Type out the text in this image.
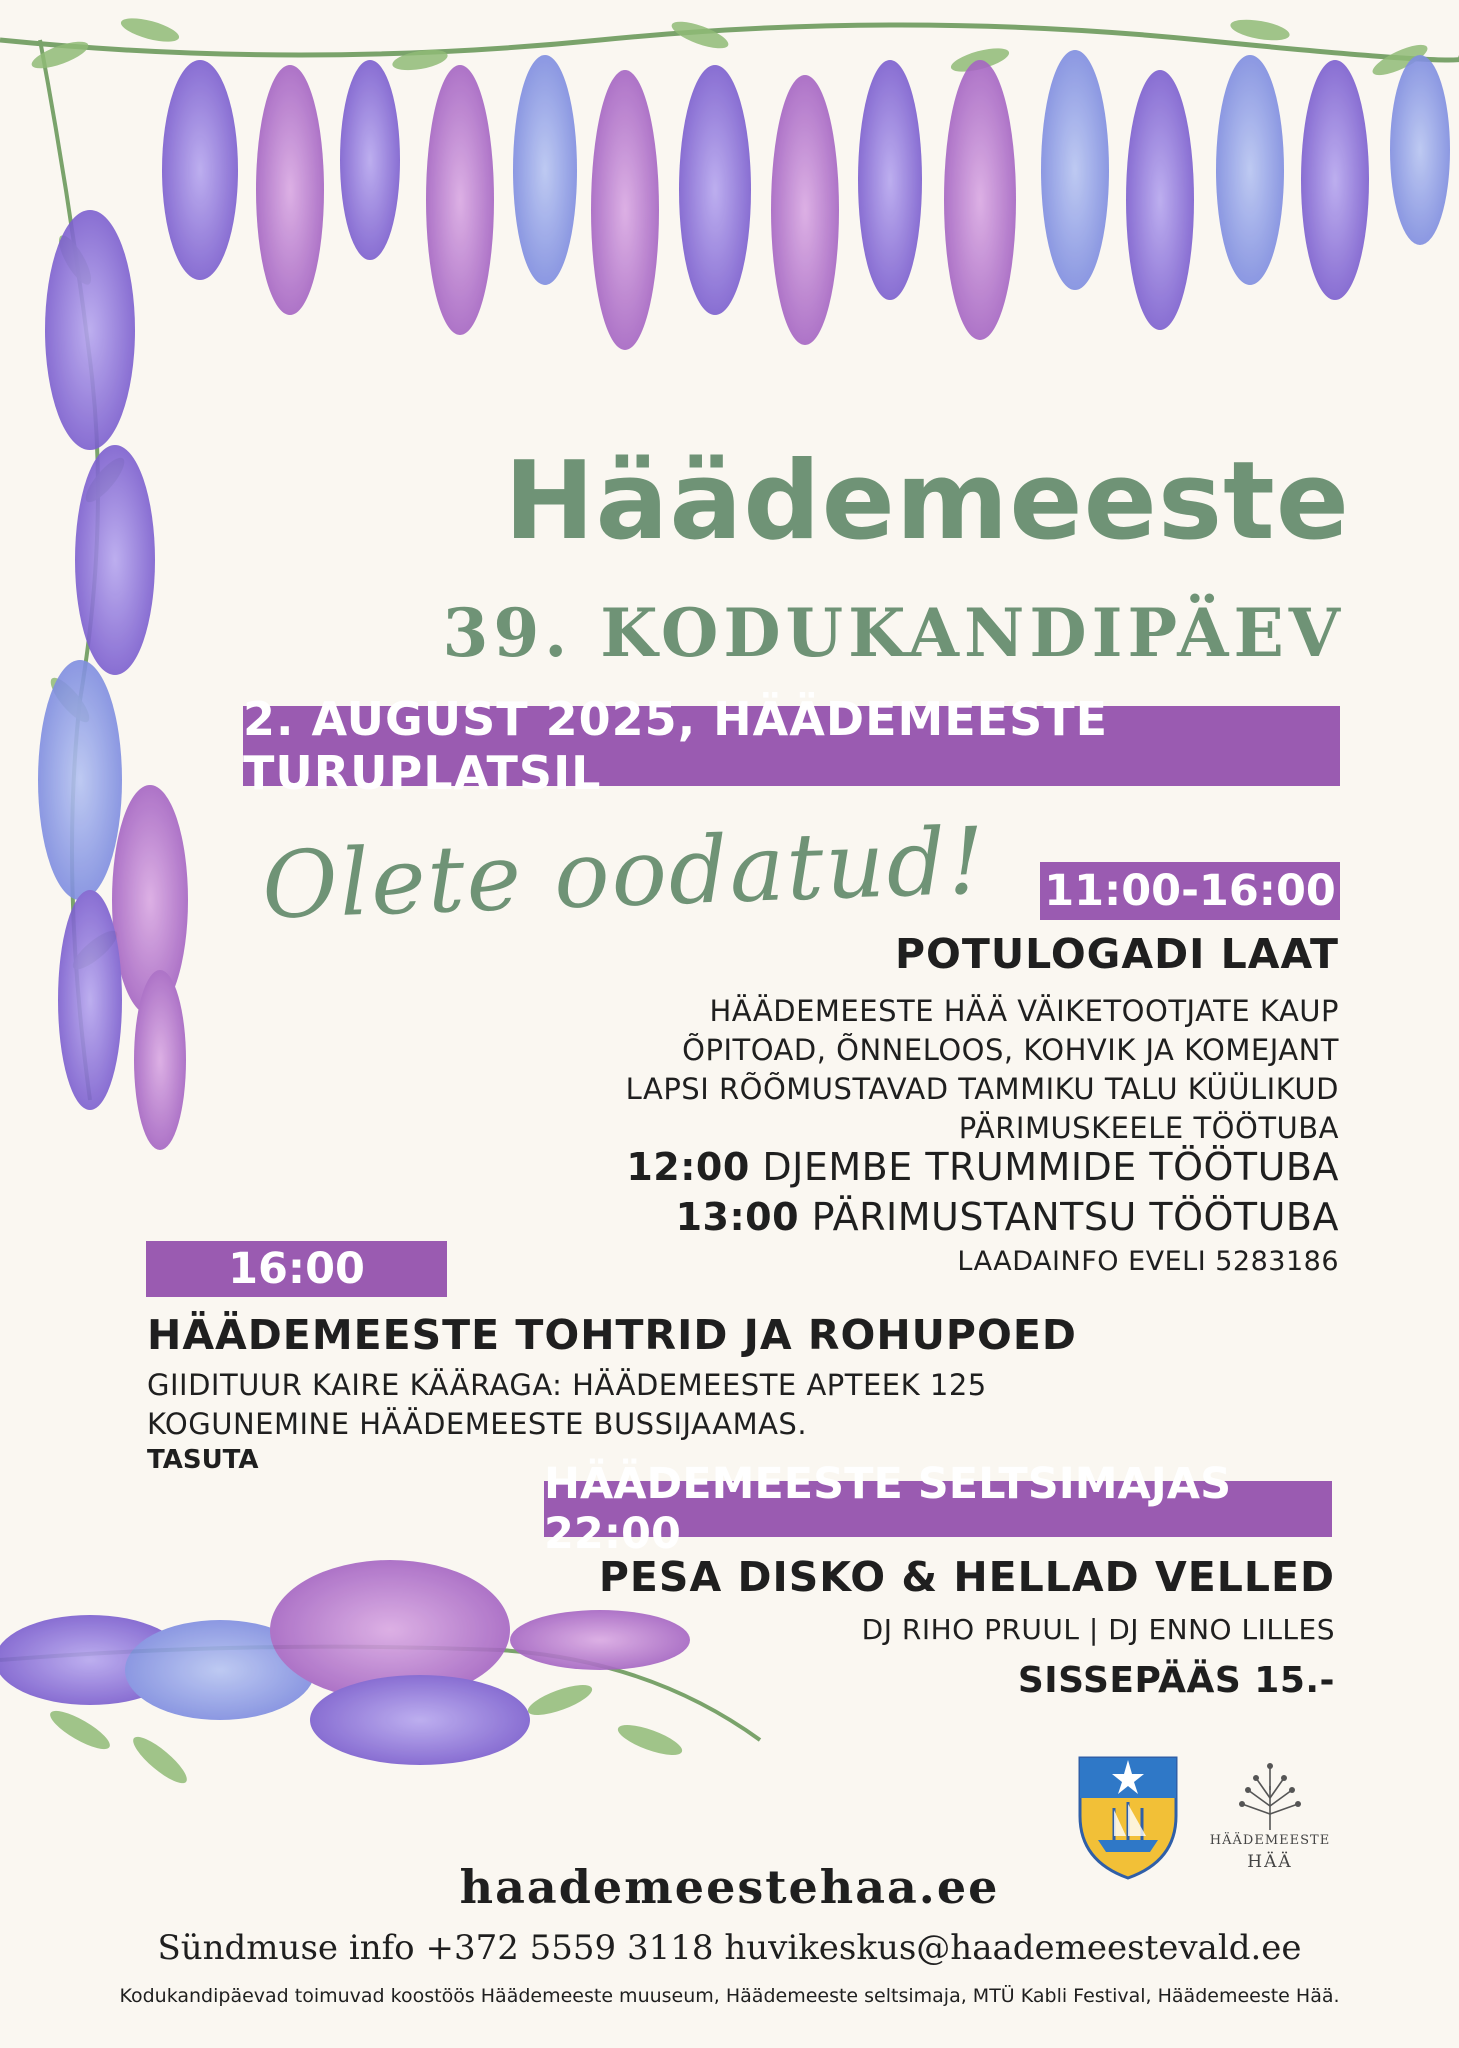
Häädemeeste
39. KODUKANDIPÄEV
2. AUGUST 2025, HÄÄDEMEESTE TURUPLATSIL
Olete oodatud! 11:00-16:00
POTULOGADI LAAT
HÄÄDEMEESTE HÄÄ VÄIKETOOTJATE KAUP
ÕPITOAD, ÕNNELOOS, KOHVIK JA KOMEJANT
LAPSI RÕÕMUSTAVAD TAMMIKU TALU KÜÜLIKUD
PÄRIMUSKEELE TÖÖTUBA
12:00 DJEMBE TRUMMIDE TÖÖTUBA
13:00 PÄRIMUSTANTSU TÖÖTUBA
LAADAINFO EVELI 5283186
16:00
HÄÄDEMEESTE TOHTRID JA ROHUPOED
GIIDITUUR KAIRE KÄÄRAGA: HÄÄDEMEESTE APTEEK 125
KOGUNEMINE HÄÄDEMEESTE BUSSIJAAMAS.
TASUTA	HÄÄDEMEESTE SELTSIMAJAS 22:00
PESA DISKO & HELLAD VELLED
DJ RIHO PRUUL | DJ ENNO LILLES
SISSEPÄÄS 15.-
HÄÄDEMEESTE
HÄÄ
haademeestehaa.ee
Sündmuse info +372 5559 3118 huvikeskus@haademeestevald.ee
Kodukandipäevad toimuvad koostöös Häädemeeste muuseum, Häädemeeste seltsimaja, MTÜ Kabli Festival, Häädemeeste Hää.
